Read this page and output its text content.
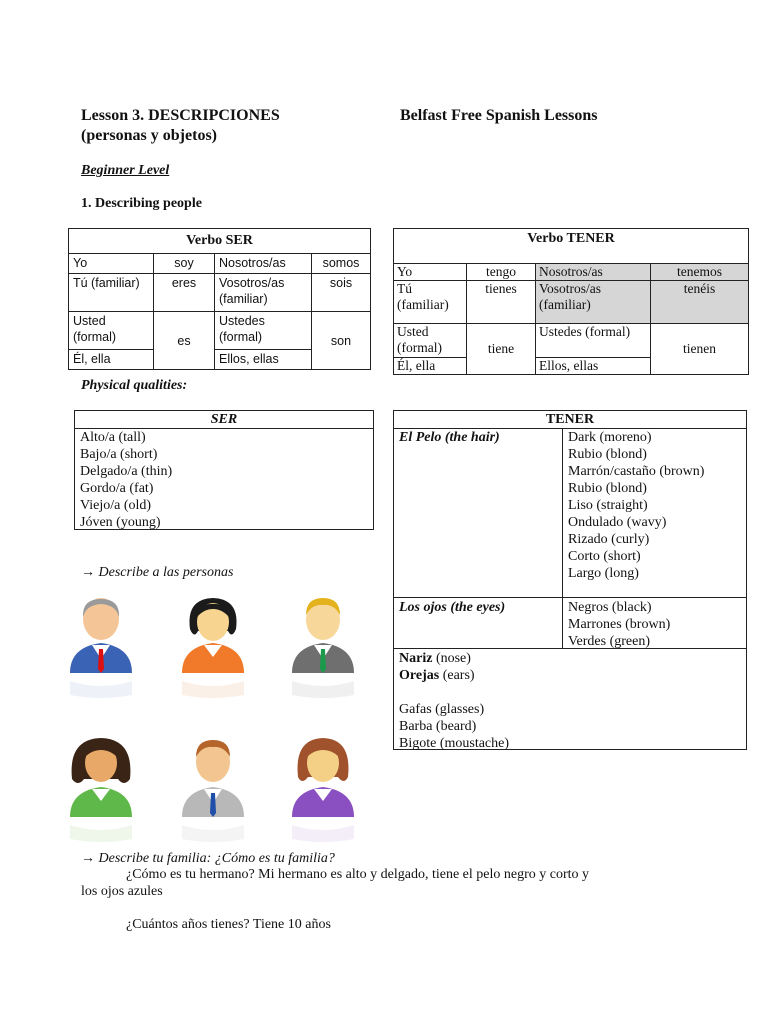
Lesson 3. DESCRIPCIONES
(personas y objetos)
Belfast Free Spanish Lessons
Beginner Level
1. Describing people
Verbo SER			
Yo	soy	Nosotros/as	somos
Tú (familiar)	eres	Vosotros/as (familiar)	sois
Usted (formal)	es	Ustedes (formal)	son
Él, ella		Ellos, ellas	
Verbo TENER			
Yo	tengo	Nosotros/as	tenemos
Tú (familiar)	tienes	Vosotros/as (familiar)	tenéis
Usted (formal)	tiene	Ustedes (formal)	tienen
Él, ella		Ellos, ellas	
Physical qualities:
SER
Alto/a (tall)
Bajo/a (short)
Delgado/a (thin)
Gordo/a (fat)
Viejo/a (old)
Jóven (young)
TENER
El Pelo (the hair)	Dark (moreno)
Rubio (blond)
Marrón/castaño (brown)
Rubio (blond)
Liso (straight)
Ondulado (wavy)
Rizado (curly)
Corto (short)
Largo (long)
Los ojos (the eyes)	Negros (black)
Marrones (brown)
Verdes (green)
Nariz (nose)
Orejas (ears)
Gafas (glasses)
Barba (beard)
Bigote (moustache)
→ Describe a las personas
→ Describe tu familia: ¿Cómo es tu familia?
¿Cómo es tu hermano? Mi hermano es alto y delgado, tiene el pelo negro y corto y
los ojos azules
¿Cuántos años tienes? Tiene 10 años
